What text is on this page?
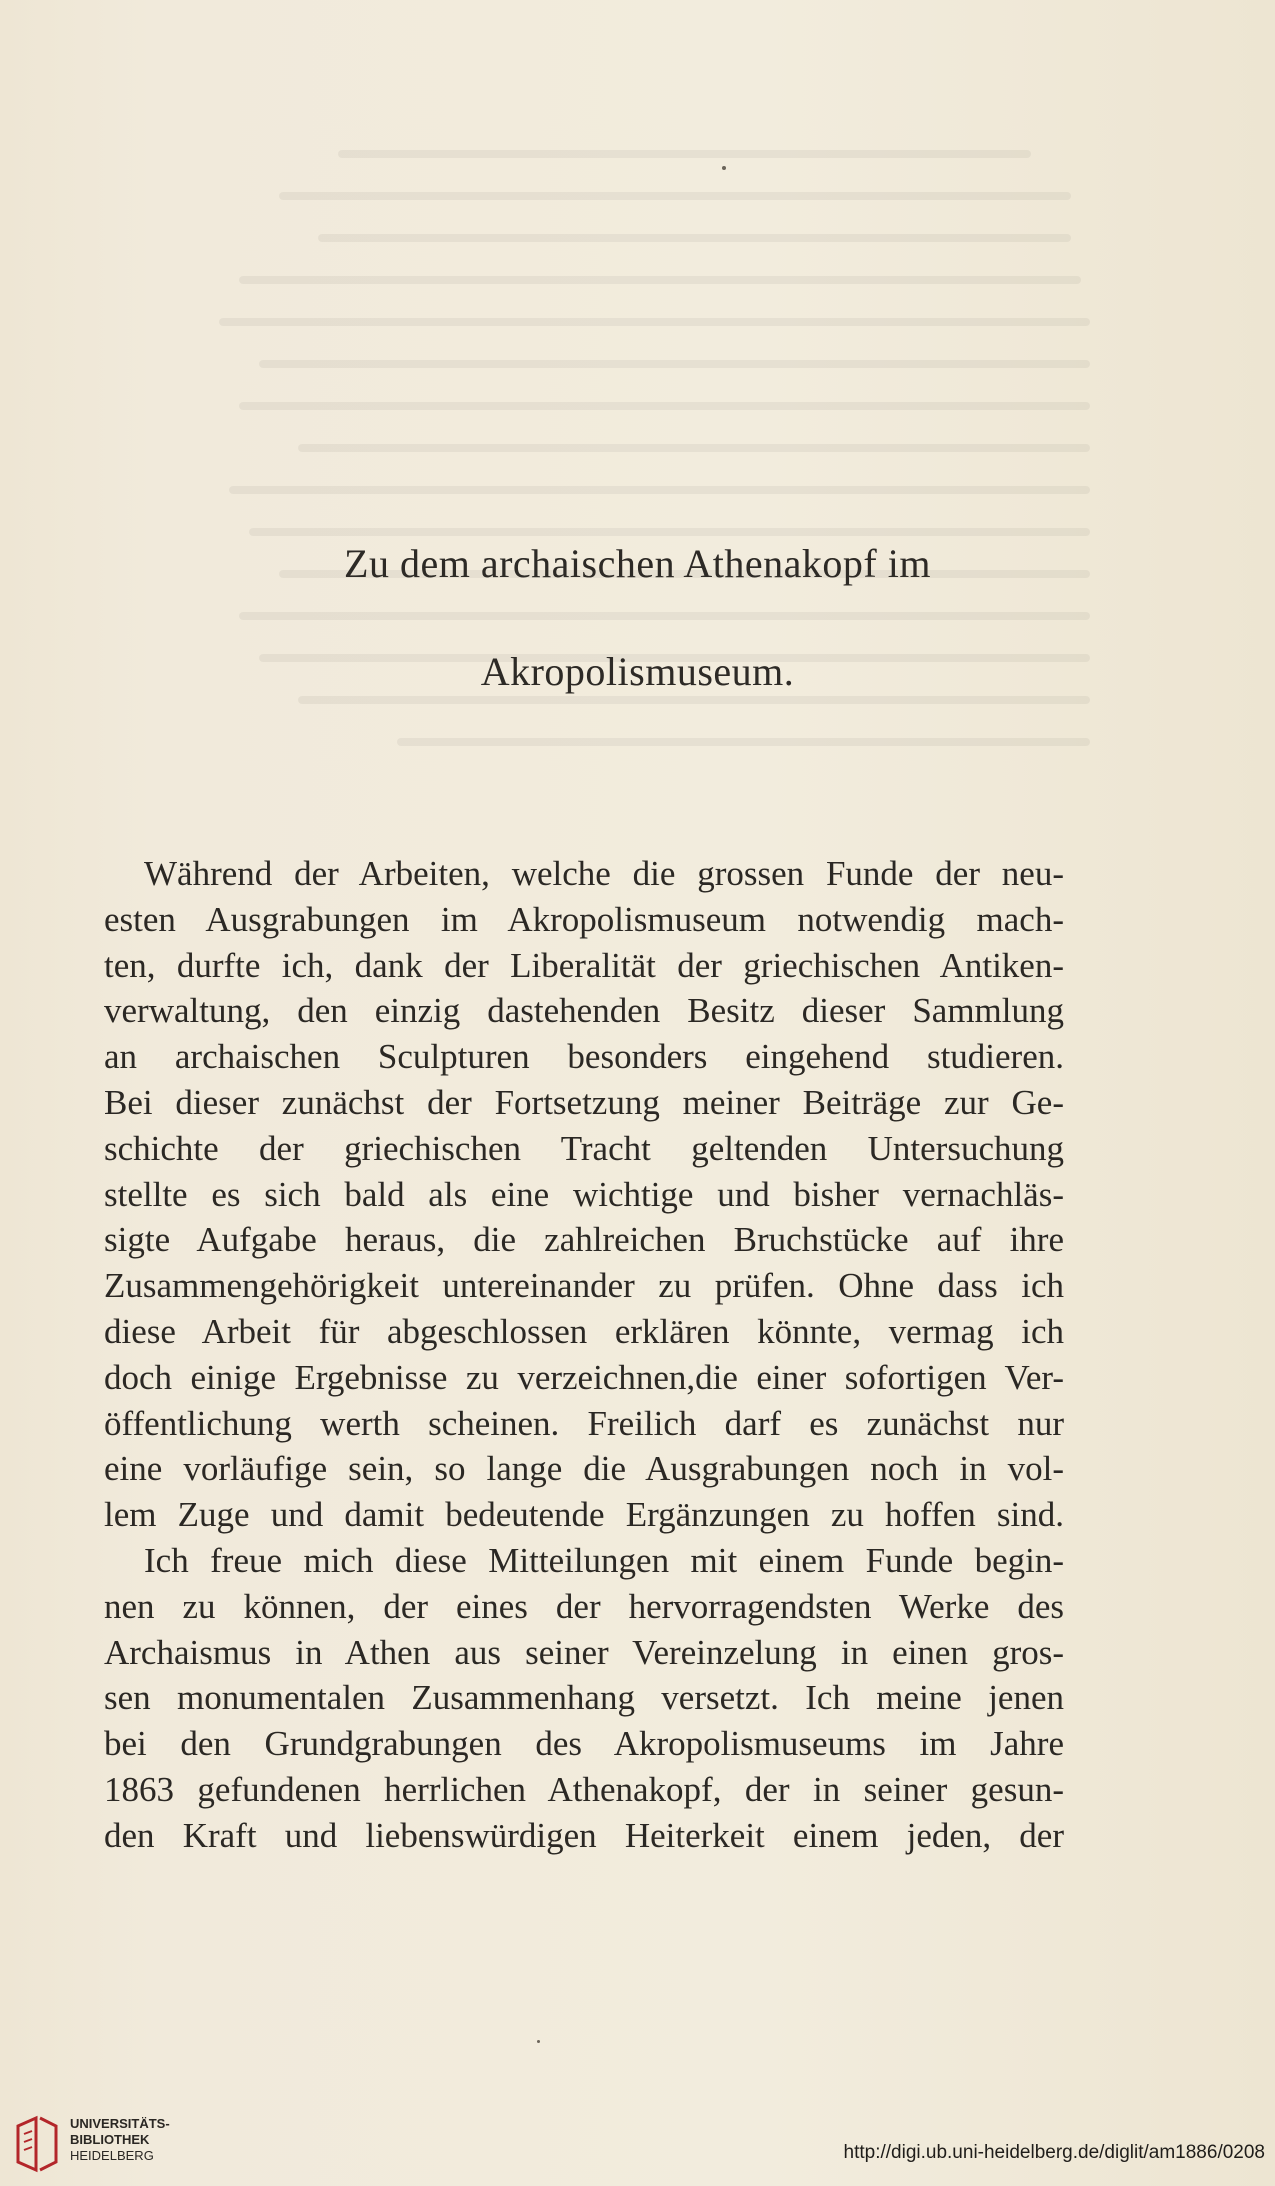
Zu dem archaischen Athenakopf im
Akropolismuseum.
Während der Arbeiten, welche die grossen Funde der neu-
esten Ausgrabungen im Akropolismuseum notwendig mach-
ten, durfte ich, dank der Liberalität der griechischen Antiken-
verwaltung, den einzig dastehenden Besitz dieser Sammlung
an archaischen Sculpturen besonders eingehend studieren.
Bei dieser zunächst der Fortsetzung meiner Beiträge zur Ge-
schichte der griechischen Tracht geltenden Untersuchung
stellte es sich bald als eine wichtige und bisher vernachläs-
sigte Aufgabe heraus, die zahlreichen Bruchstücke auf ihre
Zusammengehörigkeit untereinander zu prüfen. Ohne dass ich
diese Arbeit für abgeschlossen erklären könnte, vermag ich
doch einige Ergebnisse zu verzeichnen,die einer sofortigen Ver-
öffentlichung werth scheinen. Freilich darf es zunächst nur
eine vorläufige sein, so lange die Ausgrabungen noch in vol-
lem Zuge und damit bedeutende Ergänzungen zu hoffen sind.
Ich freue mich diese Mitteilungen mit einem Funde begin-
nen zu können, der eines der hervorragendsten Werke des
Archaismus in Athen aus seiner Vereinzelung in einen gros-
sen monumentalen Zusammenhang versetzt. Ich meine jenen
bei den Grundgrabungen des Akropolismuseums im Jahre
1863 gefundenen herrlichen Athenakopf, der in seiner gesun-
den Kraft und liebenswürdigen Heiterkeit einem jeden, der
UNIVERSITÄTS-
BIBLIOTHEK
HEIDELBERG	http://digi.ub.uni-heidelberg.de/diglit/am1886/0208
